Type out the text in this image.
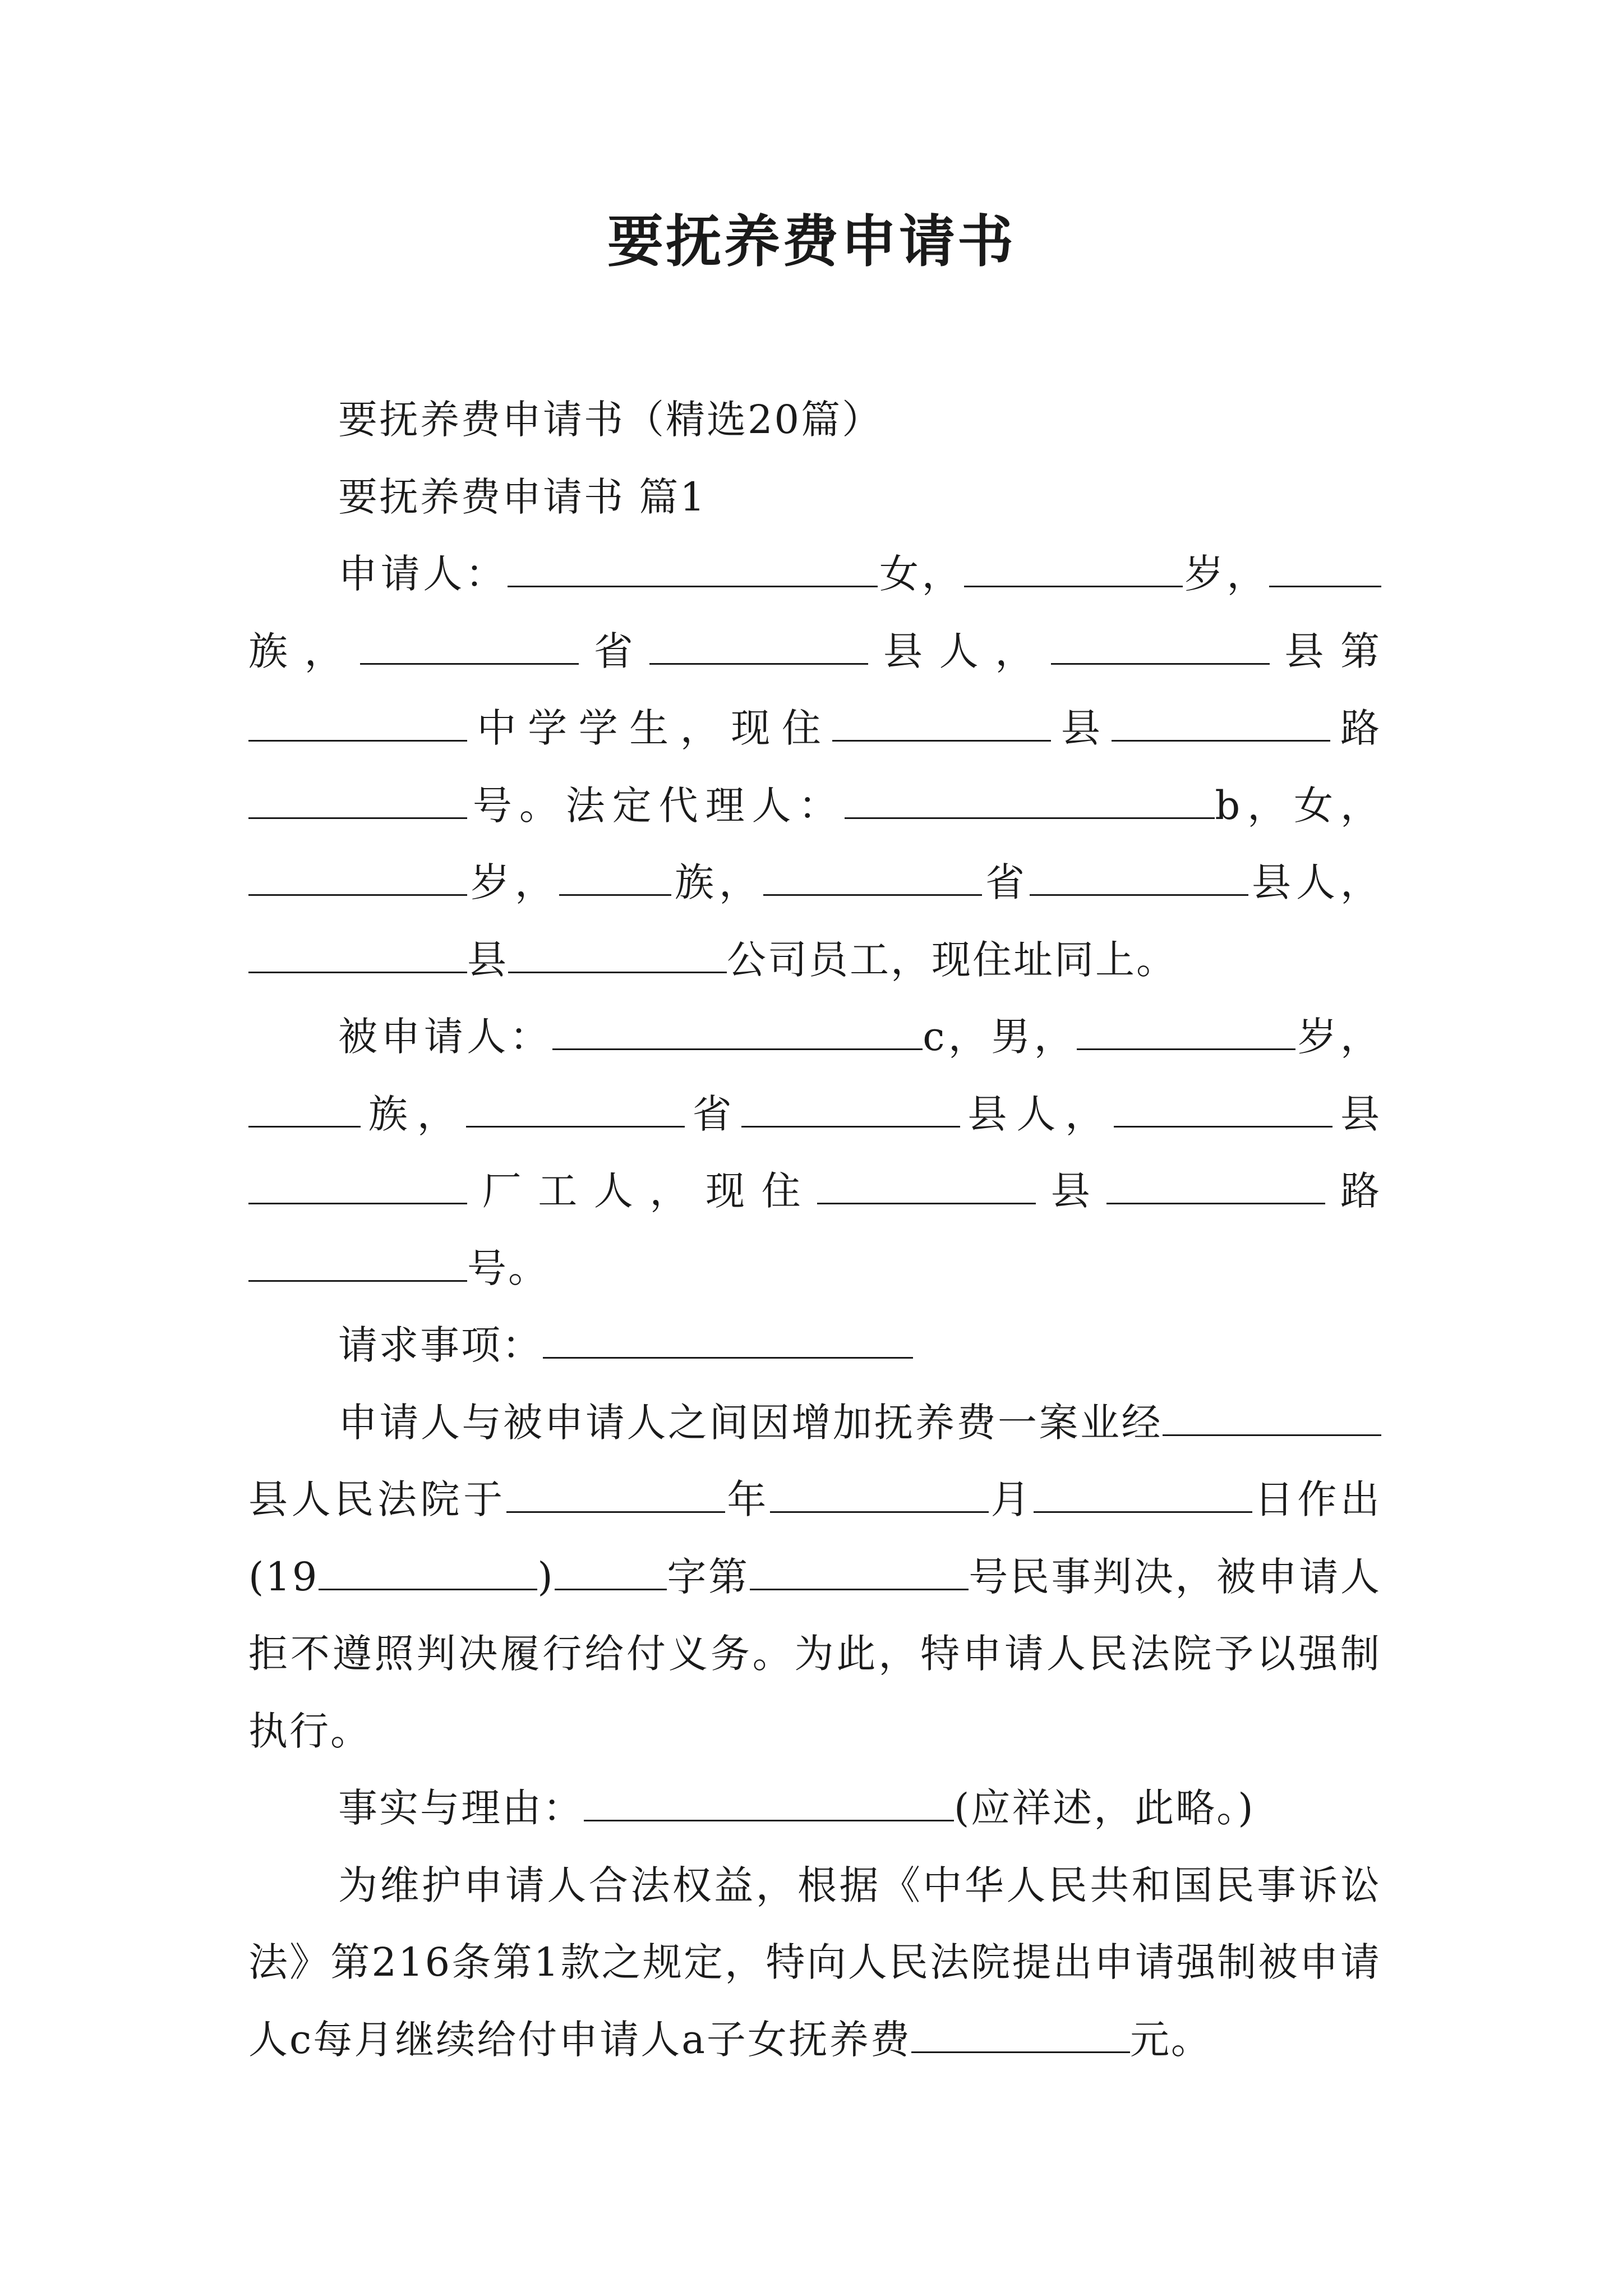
要抚养费申请书

要抚养费申请书（精选20篇）

要抚养费申请书 篇1

申请人：	女，	岁，族，	省	县人，	县第中学学生，现住	县	路号。法定代理人：	b，女，岁，	族，	省	县人，县	公司员工，现住址同上。

被申请人：	c，男，	岁，族，	省	县人，	县厂工人，现住	县	路号。

请求事项：

申请人与被申请人之间因增加抚养费一案业经县人民法院于	年	月	日作出(19	)	字第	号民事判决，被申请人拒不遵照判决履行给付义务。为此，特申请人民法院予以强制执行。

事实与理由：	(应祥述，此略。)

为维护申请人合法权益，根据《中华人民共和国民事诉讼法》第216条第1款之规定，特向人民法院提出申请强制被申请人c每月继续给付申请人a子女抚养费	元。
